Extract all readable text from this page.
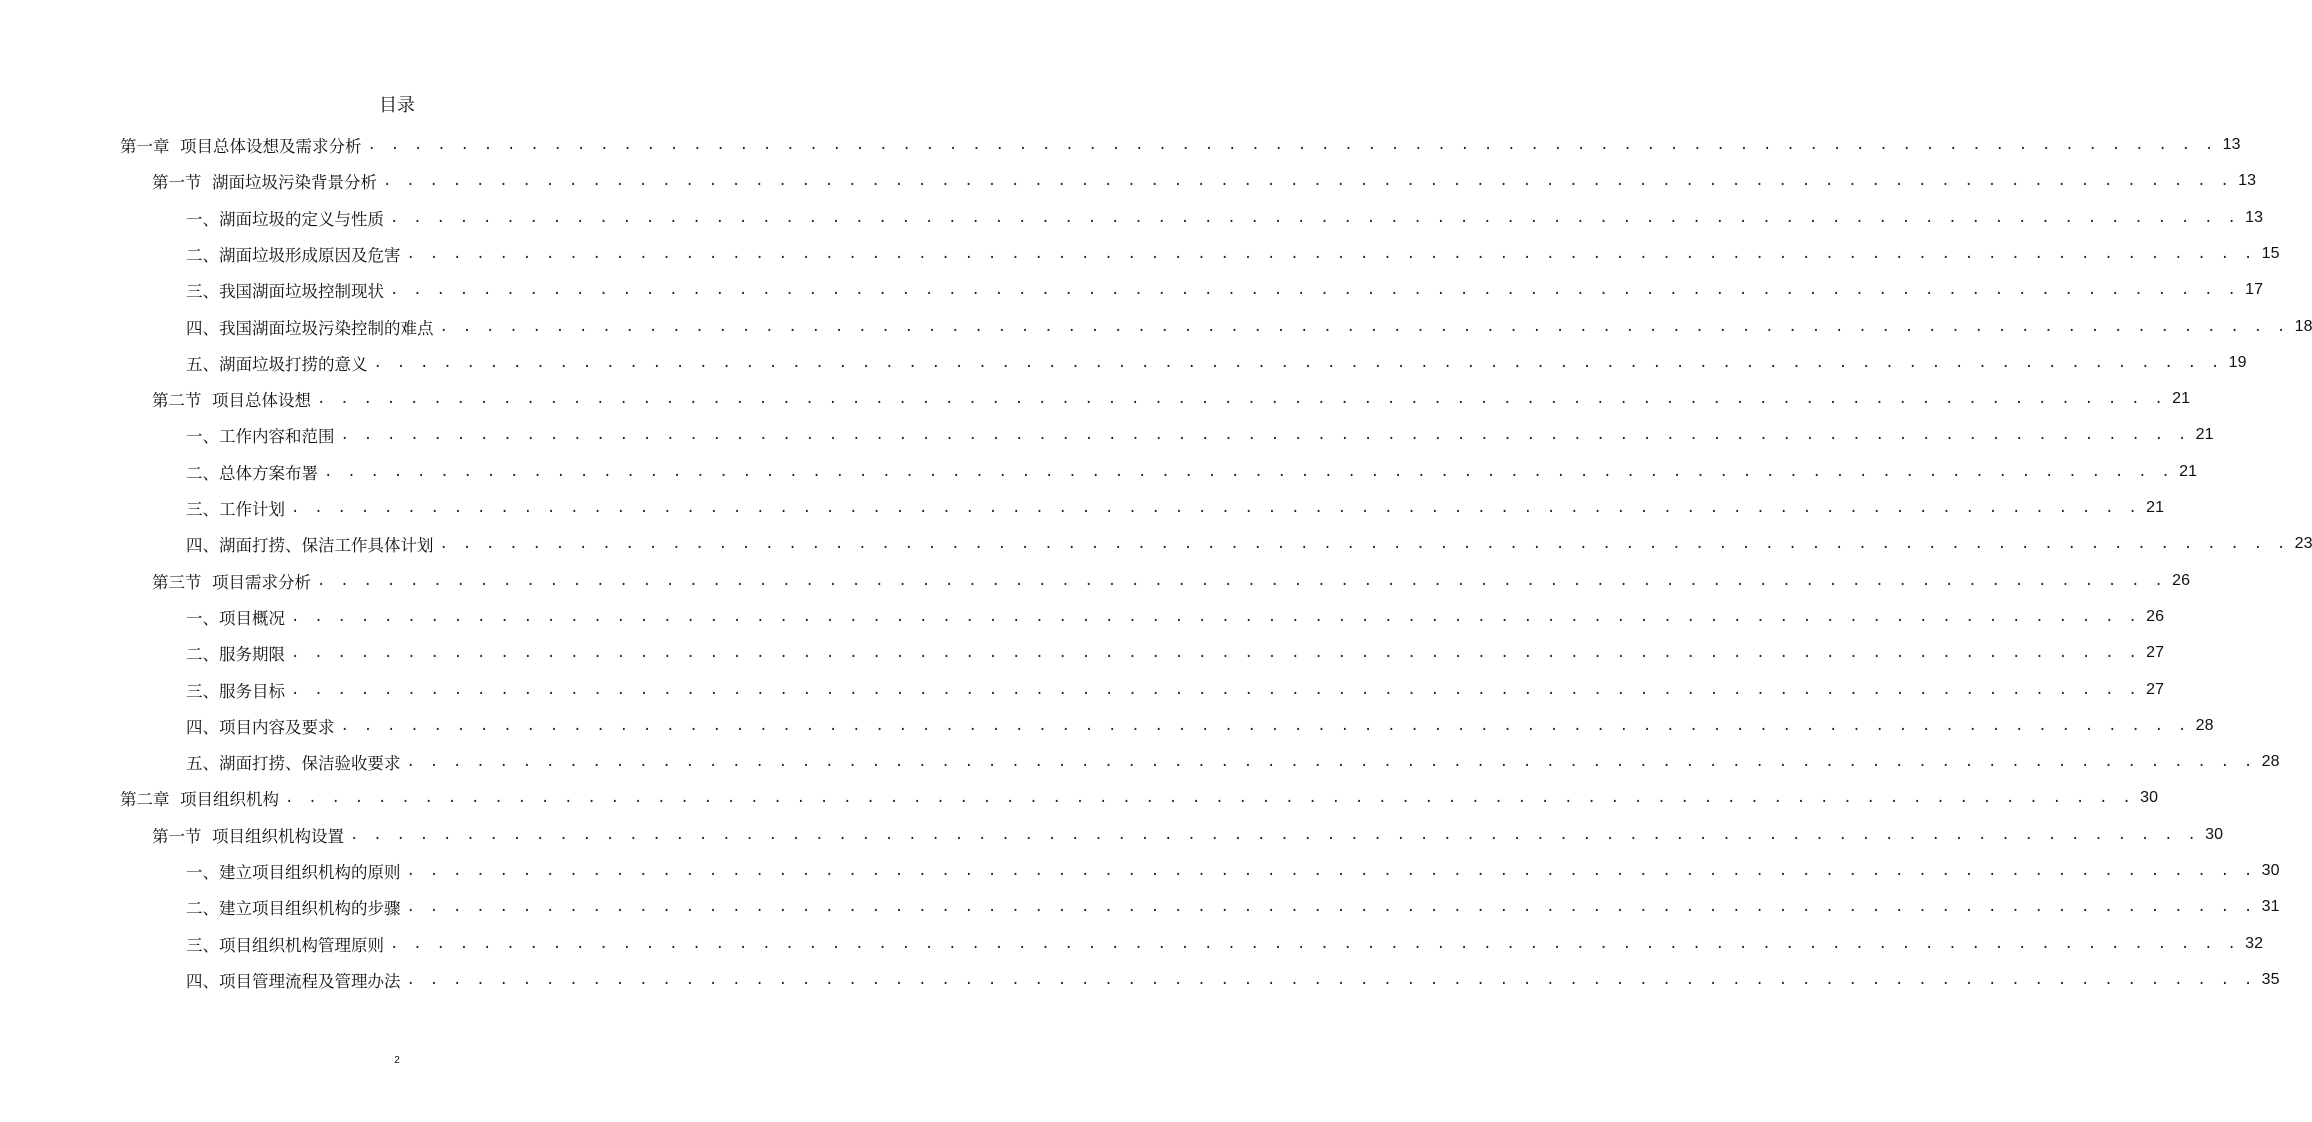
目录
第一章  项目总体设想及需求分析 . . . . . . . . . . . . . . . . . . . . . . . . . . . . . . . . . . . . . . . . . . . . . . . . . . . . . . . . . . . . . . . . . . . . . . . . . . . . . . . . 13
第一节  湖面垃圾污染背景分析 . . . . . . . . . . . . . . . . . . . . . . . . . . . . . . . . . . . . . . . . . . . . . . . . . . . . . . . . . . . . . . . . . . . . . . . . . . . . . . . . 13
一、湖面垃圾的定义与性质 . . . . . . . . . . . . . . . . . . . . . . . . . . . . . . . . . . . . . . . . . . . . . . . . . . . . . . . . . . . . . . . . . . . . . . . . . . . . . . . . 13
二、湖面垃圾形成原因及危害 . . . . . . . . . . . . . . . . . . . . . . . . . . . . . . . . . . . . . . . . . . . . . . . . . . . . . . . . . . . . . . . . . . . . . . . . . . . . . . . . 15
三、我国湖面垃圾控制现状 . . . . . . . . . . . . . . . . . . . . . . . . . . . . . . . . . . . . . . . . . . . . . . . . . . . . . . . . . . . . . . . . . . . . . . . . . . . . . . . . 17
四、我国湖面垃圾污染控制的难点 . . . . . . . . . . . . . . . . . . . . . . . . . . . . . . . . . . . . . . . . . . . . . . . . . . . . . . . . . . . . . . . . . . . . . . . . . . . . . . . . 18
五、湖面垃圾打捞的意义 . . . . . . . . . . . . . . . . . . . . . . . . . . . . . . . . . . . . . . . . . . . . . . . . . . . . . . . . . . . . . . . . . . . . . . . . . . . . . . . . 19
第二节  项目总体设想 . . . . . . . . . . . . . . . . . . . . . . . . . . . . . . . . . . . . . . . . . . . . . . . . . . . . . . . . . . . . . . . . . . . . . . . . . . . . . . . . 21
一、工作内容和范围 . . . . . . . . . . . . . . . . . . . . . . . . . . . . . . . . . . . . . . . . . . . . . . . . . . . . . . . . . . . . . . . . . . . . . . . . . . . . . . . . 21
二、总体方案布署 . . . . . . . . . . . . . . . . . . . . . . . . . . . . . . . . . . . . . . . . . . . . . . . . . . . . . . . . . . . . . . . . . . . . . . . . . . . . . . . . 21
三、工作计划 . . . . . . . . . . . . . . . . . . . . . . . . . . . . . . . . . . . . . . . . . . . . . . . . . . . . . . . . . . . . . . . . . . . . . . . . . . . . . . . . 21
四、湖面打捞、保洁工作具体计划 . . . . . . . . . . . . . . . . . . . . . . . . . . . . . . . . . . . . . . . . . . . . . . . . . . . . . . . . . . . . . . . . . . . . . . . . . . . . . . . . 23
第三节  项目需求分析 . . . . . . . . . . . . . . . . . . . . . . . . . . . . . . . . . . . . . . . . . . . . . . . . . . . . . . . . . . . . . . . . . . . . . . . . . . . . . . . . 26
一、项目概况 . . . . . . . . . . . . . . . . . . . . . . . . . . . . . . . . . . . . . . . . . . . . . . . . . . . . . . . . . . . . . . . . . . . . . . . . . . . . . . . . 26
二、服务期限 . . . . . . . . . . . . . . . . . . . . . . . . . . . . . . . . . . . . . . . . . . . . . . . . . . . . . . . . . . . . . . . . . . . . . . . . . . . . . . . . 27
三、服务目标 . . . . . . . . . . . . . . . . . . . . . . . . . . . . . . . . . . . . . . . . . . . . . . . . . . . . . . . . . . . . . . . . . . . . . . . . . . . . . . . . 27
四、项目内容及要求 . . . . . . . . . . . . . . . . . . . . . . . . . . . . . . . . . . . . . . . . . . . . . . . . . . . . . . . . . . . . . . . . . . . . . . . . . . . . . . . . 28
五、湖面打捞、保洁验收要求 . . . . . . . . . . . . . . . . . . . . . . . . . . . . . . . . . . . . . . . . . . . . . . . . . . . . . . . . . . . . . . . . . . . . . . . . . . . . . . . . 28
第二章  项目组织机构 . . . . . . . . . . . . . . . . . . . . . . . . . . . . . . . . . . . . . . . . . . . . . . . . . . . . . . . . . . . . . . . . . . . . . . . . . . . . . . . . 30
第一节  项目组织机构设置 . . . . . . . . . . . . . . . . . . . . . . . . . . . . . . . . . . . . . . . . . . . . . . . . . . . . . . . . . . . . . . . . . . . . . . . . . . . . . . . . 30
一、建立项目组织机构的原则 . . . . . . . . . . . . . . . . . . . . . . . . . . . . . . . . . . . . . . . . . . . . . . . . . . . . . . . . . . . . . . . . . . . . . . . . . . . . . . . . 30
二、建立项目组织机构的步骤 . . . . . . . . . . . . . . . . . . . . . . . . . . . . . . . . . . . . . . . . . . . . . . . . . . . . . . . . . . . . . . . . . . . . . . . . . . . . . . . . 31
三、项目组织机构管理原则 . . . . . . . . . . . . . . . . . . . . . . . . . . . . . . . . . . . . . . . . . . . . . . . . . . . . . . . . . . . . . . . . . . . . . . . . . . . . . . . . 32
四、项目管理流程及管理办法 . . . . . . . . . . . . . . . . . . . . . . . . . . . . . . . . . . . . . . . . . . . . . . . . . . . . . . . . . . . . . . . . . . . . . . . . . . . . . . . . 35
2
